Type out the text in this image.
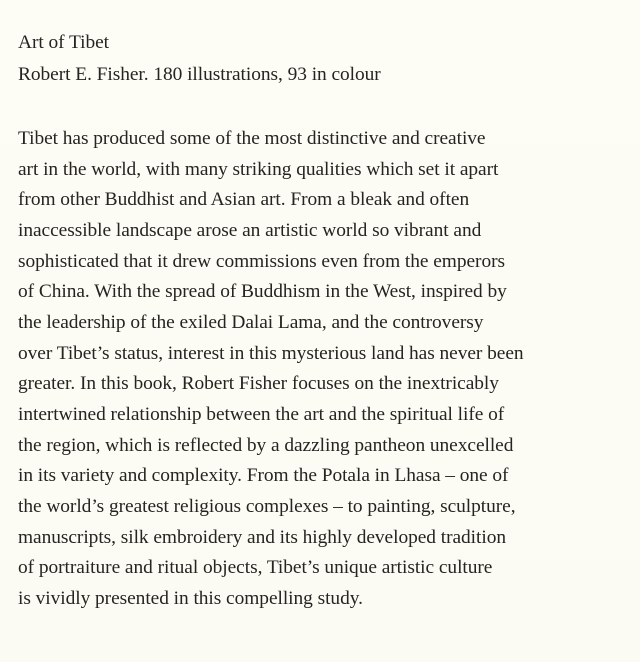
Art of Tibet
Robert E. Fisher. 180 illustrations, 93 in colour
Tibet has produced some of the most distinctive and creative
art in the world, with many striking qualities which set it apart
from other Buddhist and Asian art. From a bleak and often
inaccessible landscape arose an artistic world so vibrant and
sophisticated that it drew commissions even from the emperors
of China. With the spread of Buddhism in the West, inspired by
the leadership of the exiled Dalai Lama, and the controversy
over Tibet’s status, interest in this mysterious land has never been
greater. In this book, Robert Fisher focuses on the inextricably
intertwined relationship between the art and the spiritual life of
the region, which is reflected by a dazzling pantheon unexcelled
in its variety and complexity. From the Potala in Lhasa – one of
the world’s greatest religious complexes – to painting, sculpture,
manuscripts, silk embroidery and its highly developed tradition
of portraiture and ritual objects, Tibet’s unique artistic culture
is vividly presented in this compelling study.
